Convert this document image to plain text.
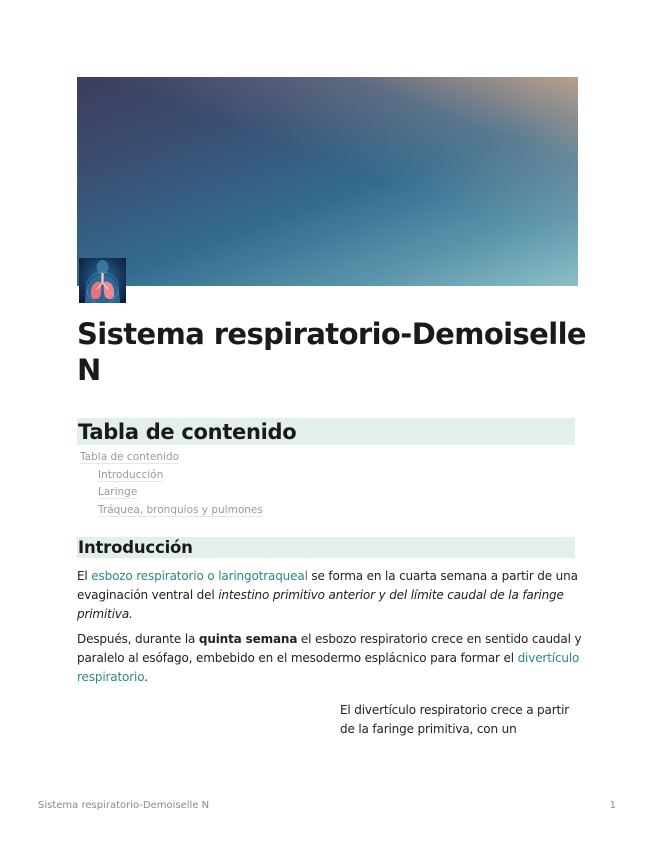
Sistema respiratorio-Demoiselle N
Tabla de contenido
Tabla de contenido
Introducción
Laringe
Tráquea, bronquios y pulmones
Introducción

El esbozo respiratorio o laringotraqueal se forma en la cuarta semana a partir de una evaginación ventral del intestino primitivo anterior y del límite caudal de la faringe primitiva.

Después, durante la quinta semana el esbozo respiratorio crece en sentido caudal y paralelo al esófago, embebido en el mesodermo esplácnico para formar el divertículo respiratorio.

El divertículo respiratorio crece a partir de la faringe primitiva, con un

Sistema respiratorio-Demoiselle N	1
